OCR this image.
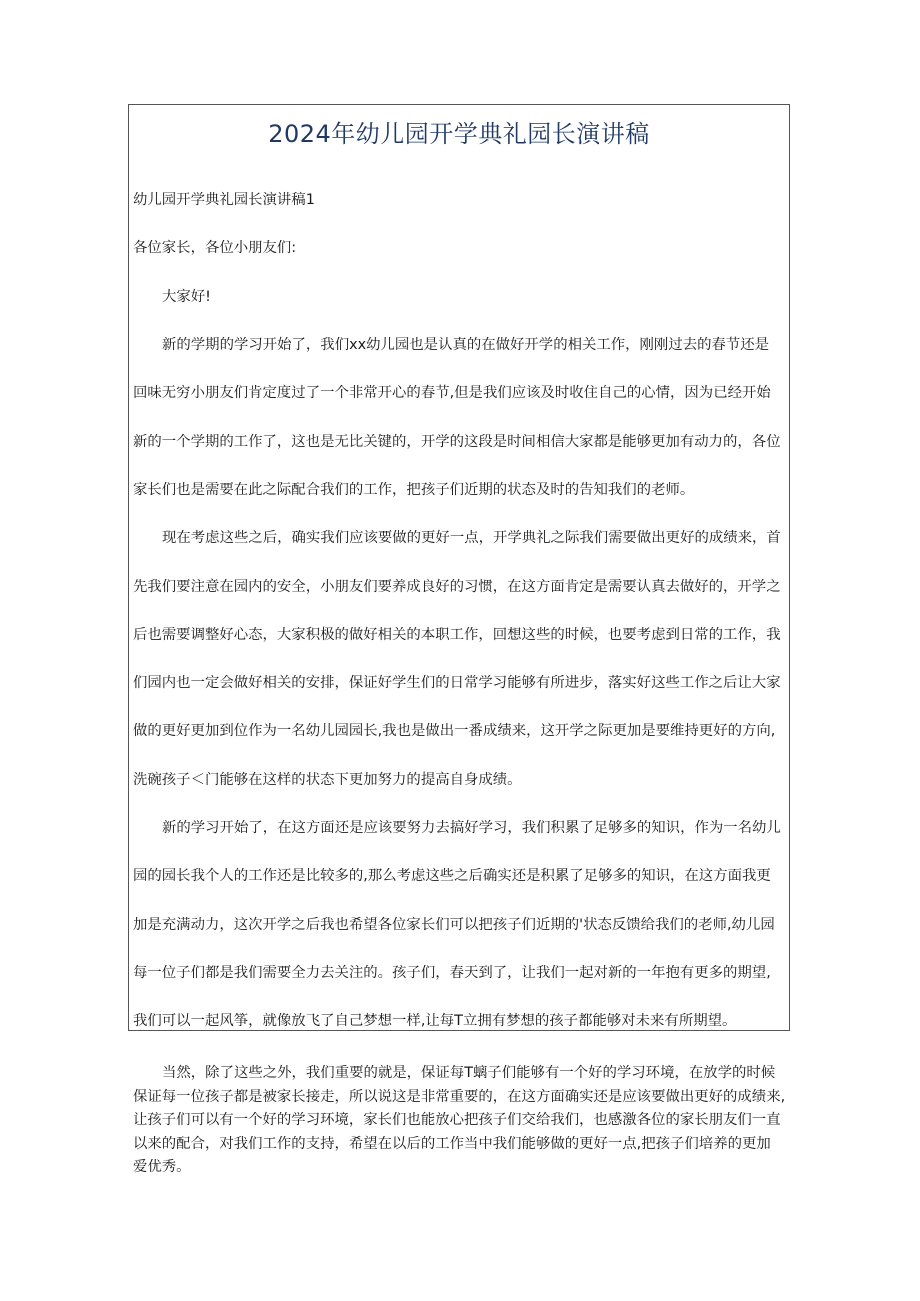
2024年幼儿园开学典礼园长演讲稿

幼儿园开学典礼园长演讲稿1

各位家长，各位小朋友们:

大家好!

新的学期的学习开始了，我们xx幼儿园也是认真的在做好开学的相关工作，刚刚过去的春节还是

回味无穷小朋友们肯定度过了一个非常开心的春节,但是我们应该及时收住自己的心情，因为已经开始

新的一个学期的工作了，这也是无比关键的，开学的这段是时间相信大家都是能够更加有动力的，各位

家长们也是需要在此之际配合我们的工作，把孩子们近期的状态及时的告知我们的老师。

现在考虑这些之后，确实我们应该要做的更好一点，开学典礼之际我们需要做出更好的成绩来，首

先我们要注意在园内的安全，小朋友们要养成良好的习惯，在这方面肯定是需要认真去做好的，开学之

后也需要调整好心态，大家积极的做好相关的本职工作，回想这些的时候，也要考虑到日常的工作，我

们园内也一定会做好相关的安排，保证好学生们的日常学习能够有所进步，落实好这些工作之后让大家

做的更好更加到位作为一名幼儿园园长,我也是做出一番成绩来，这开学之际更加是要维持更好的方向,

洗碗孩子＜门能够在这样的状态下更加努力的提高自身成绩。

新的学习开始了，在这方面还是应该要努力去搞好学习，我们积累了足够多的知识，作为一名幼儿

园的园长我个人的工作还是比较多的,那么考虑这些之后确实还是积累了足够多的知识，在这方面我更

加是充满动力，这次开学之后我也希望各位家长们可以把孩子们近期的'状态反馈给我们的老师,幼儿园

每一位子们都是我们需要全力去关注的。孩子们，春天到了，让我们一起对新的一年抱有更多的期望,

我们可以一起风筝，就像放飞了自己梦想一样,让每T立拥有梦想的孩子都能够对未来有所期望。

当然，除了这些之外，我们重要的就是，保证每T螭子们能够有一个好的学习环境，在放学的时候
保证每一位孩子都是被家长接走，所以说这是非常重要的，在这方面确实还是应该要做出更好的成绩来,
让孩子们可以有一个好的学习环境，家长们也能放心把孩子们交给我们，也感激各位的家长朋友们一直
以来的配合，对我们工作的支持，希望在以后的工作当中我们能够做的更好一点,把孩子们培养的更加
爱优秀。
